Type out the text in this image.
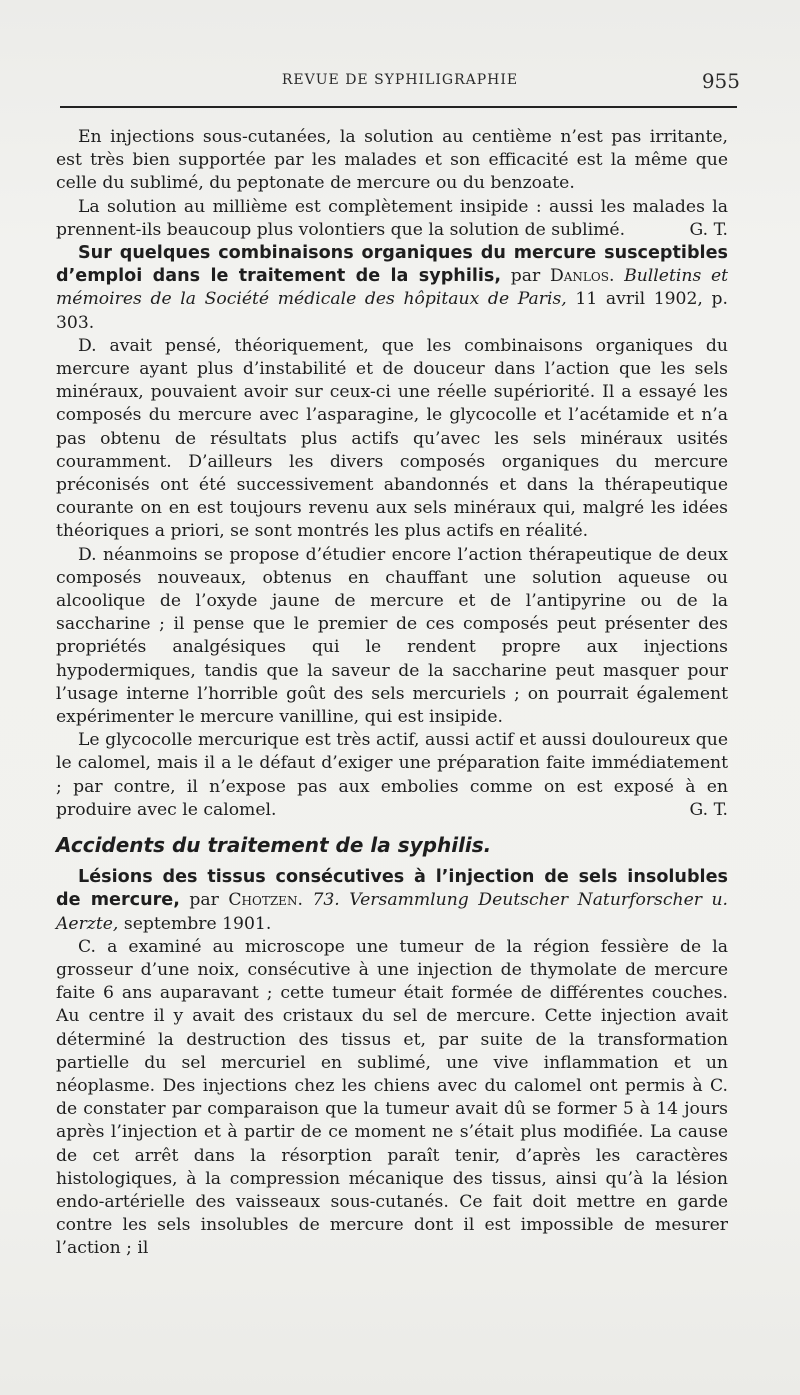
REVUE DE SYPHILIGRAPHIE	955

En injections sous-cutanées, la solution au centième n’est pas irritante, est très bien supportée par les malades et son efficacité est la même que celle du sublimé, du peptonate de mercure ou du benzoate.

La solution au millième est complètement insipide : aussi les malades la prennent-ils beaucoup plus volontiers que la solution de sublimé.	G. T.

Sur quelques combinaisons organiques du mercure susceptibles d’emploi dans le traitement de la syphilis, par Danlos. Bulletins et mémoires de la Société médicale des hôpitaux de Paris, 11 avril 1902, p. 303.

D. avait pensé, théoriquement, que les combinaisons organiques du mercure ayant plus d’instabilité et de douceur dans l’action que les sels minéraux, pouvaient avoir sur ceux-ci une réelle supériorité. Il a essayé les composés du mercure avec l’asparagine, le glycocolle et l’acétamide et n’a pas obtenu de résultats plus actifs qu’avec les sels minéraux usités couramment. D’ailleurs les divers composés organiques du mercure préconisés ont été successivement abandonnés et dans la thérapeutique courante on en est toujours revenu aux sels minéraux qui, malgré les idées théoriques a priori, se sont montrés les plus actifs en réalité.

D. néanmoins se propose d’étudier encore l’action thérapeutique de deux composés nouveaux, obtenus en chauffant une solution aqueuse ou alcoolique de l’oxyde jaune de mercure et de l’antipyrine ou de la saccharine ; il pense que le premier de ces composés peut présenter des propriétés analgésiques qui le rendent propre aux injections hypodermiques, tandis que la saveur de la saccharine peut masquer pour l’usage interne l’horrible goût des sels mercuriels ; on pourrait également expérimenter le mercure vanilline, qui est insipide.

Le glycocolle mercurique est très actif, aussi actif et aussi douloureux que le calomel, mais il a le défaut d’exiger une préparation faite immédiatement ; par contre, il n’expose pas aux embolies comme on est exposé à en produire avec le calomel.	G. T.

Accidents du traitement de la syphilis.

Lésions des tissus consécutives à l’injection de sels insolubles de mercure, par Chotzen. 73. Versammlung Deutscher Naturforscher u. Aerzte, septembre 1901.

C. a examiné au microscope une tumeur de la région fessière de la grosseur d’une noix, consécutive à une injection de thymolate de mercure faite 6 ans auparavant ; cette tumeur était formée de différentes couches. Au centre il y avait des cristaux du sel de mercure. Cette injection avait déterminé la destruction des tissus et, par suite de la transformation partielle du sel mercuriel en sublimé, une vive inflammation et un néoplasme. Des injections chez les chiens avec du calomel ont permis à C. de constater par comparaison que la tumeur avait dû se former 5 à 14 jours après l’injection et à partir de ce moment ne s’était plus modifiée. La cause de cet arrêt dans la résorption paraît tenir, d’après les caractères histologiques, à la compression mécanique des tissus, ainsi qu’à la lésion endo-artérielle des vaisseaux sous-cutanés. Ce fait doit mettre en garde contre les sels insolubles de mercure dont il est impossible de mesurer l’action ; il
